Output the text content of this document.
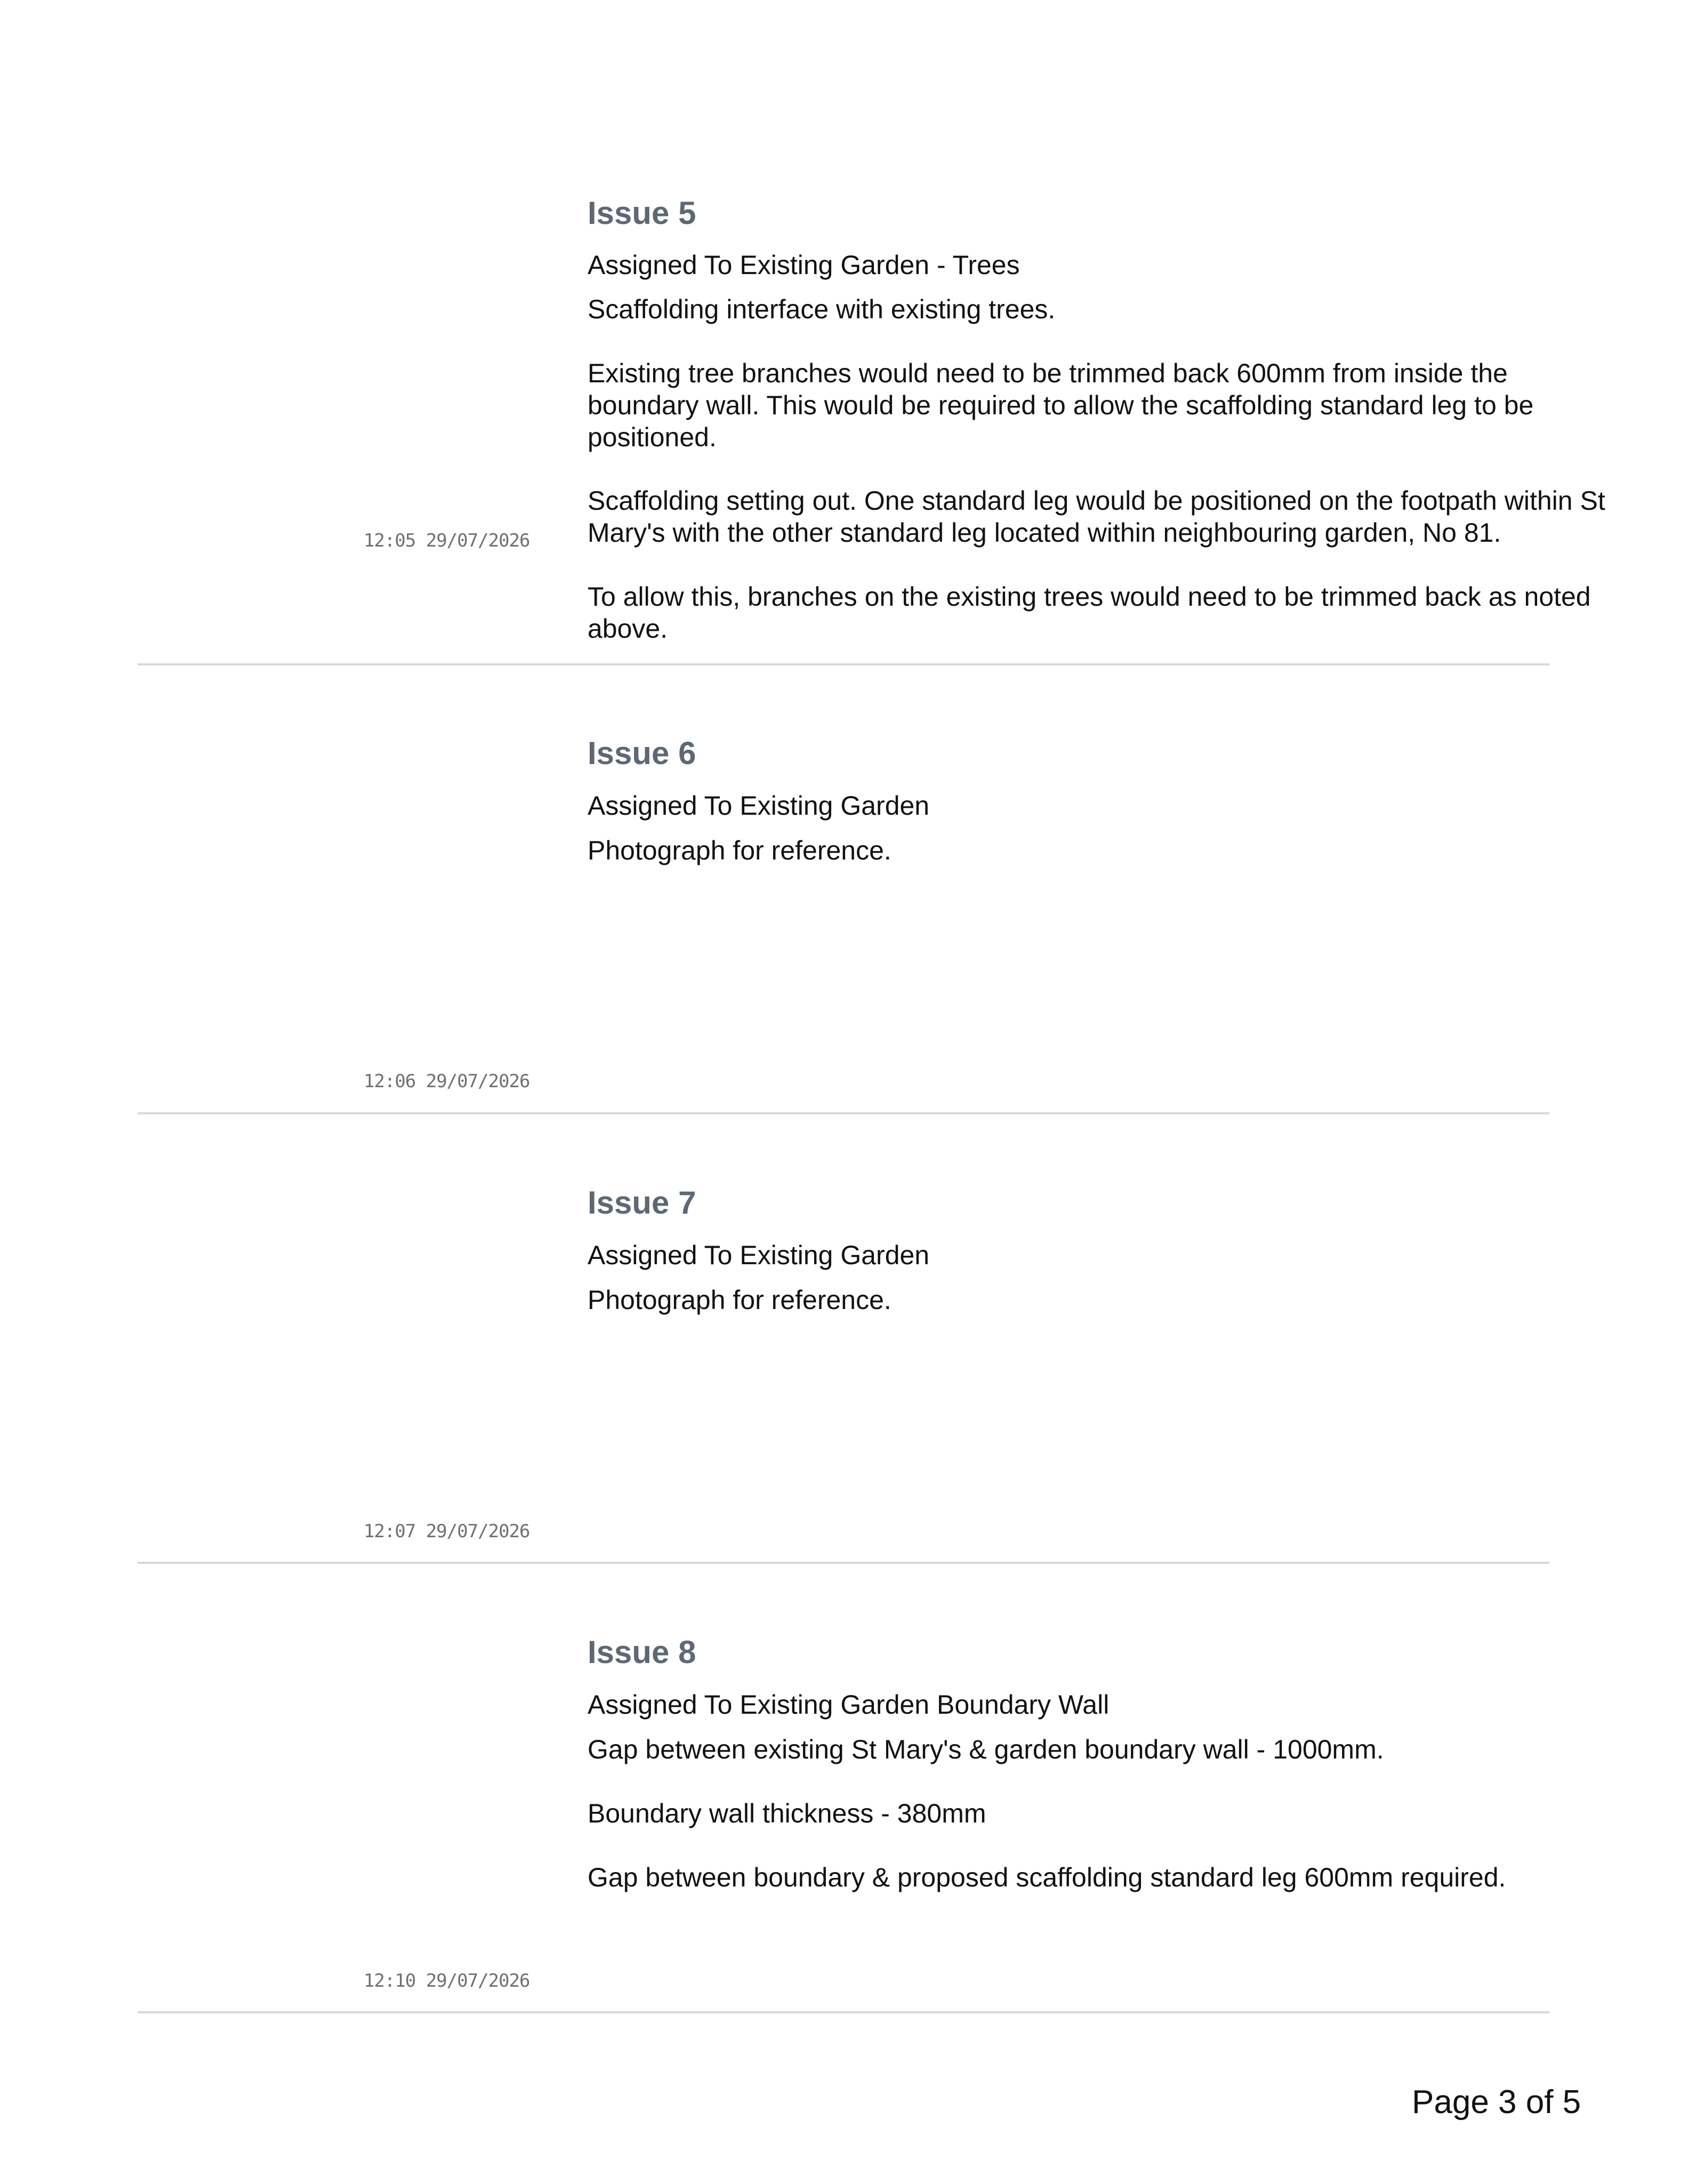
Issue 5
Assigned To Existing Garden - Trees

Scaffolding interface with existing trees.

Existing tree branches would need to be trimmed back 600mm from inside the

boundary wall. This would be required to allow the scaffolding standard leg to be

positioned.

Scaffolding setting out. One standard leg would be positioned on the footpath within St

Mary's with the other standard leg located within neighbouring garden, No 81.

To allow this, branches on the existing trees would need to be trimmed back as noted

above.

12:05 29/07/2026
Issue 6
Assigned To Existing Garden

Photograph for reference.

12:06 29/07/2026
Issue 7
Assigned To Existing Garden

Photograph for reference.

12:07 29/07/2026
Issue 8
Assigned To Existing Garden Boundary Wall

Gap between existing St Mary's & garden boundary wall - 1000mm.

Boundary wall thickness - 380mm

Gap between boundary & proposed scaffolding standard leg 600mm required.

12:10 29/07/2026
Page 3 of 5
